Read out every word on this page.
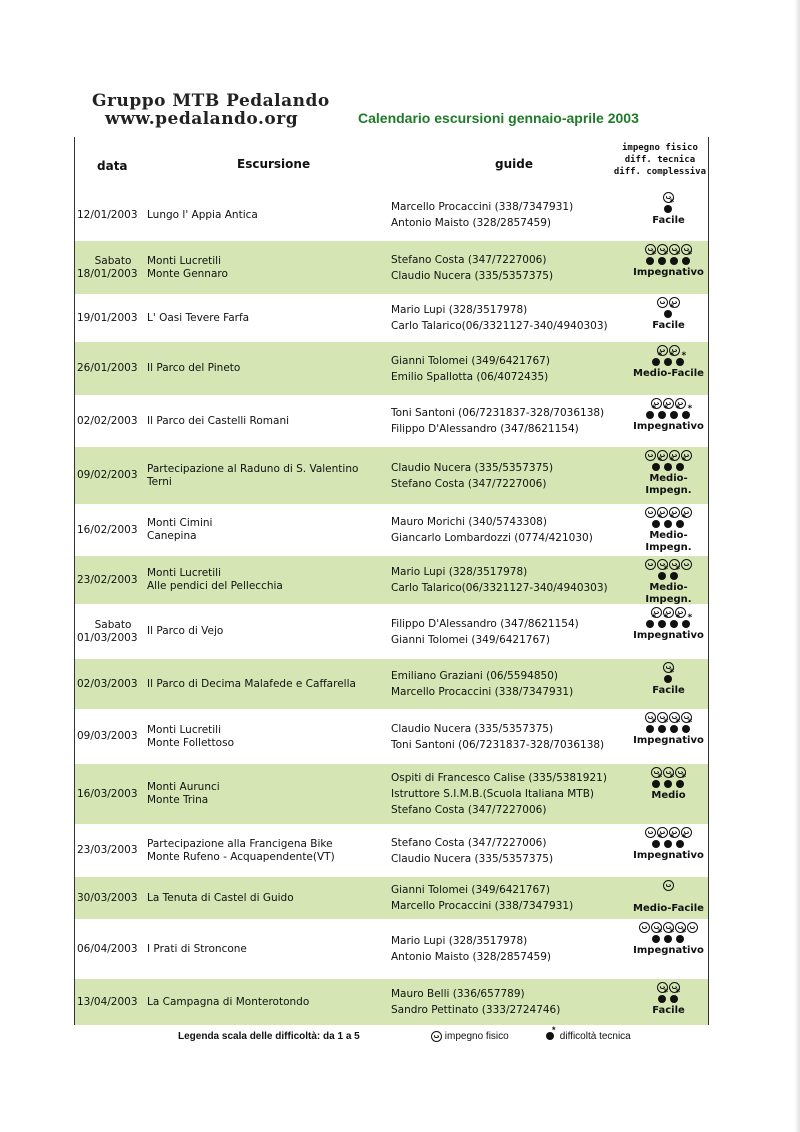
Gruppo MTB Pedalando
www.pedalando.org	Calendario escursioni gennaio-aprile 2003
data	Escursione	guide
impegno fisico
diff. tecnica
diff. complessiva
12/01/2003 Lungo l' Appia Antica
Marcello Procaccini (338/7347931)
Antonio Maisto (328/2857459)
*	Facile
Sabato
18/01/2003
Monti Lucretili
Monte Gennaro
Stefano Costa (347/7227006)
Claudio Nucera (335/5357375)
*
*
*
*	Impegnativo
19/01/2003 L' Oasi Tevere Farfa
Mario Lupi (328/3517978)
Carlo Talarico(06/3321127-340/4940303)
*	Facile
26/01/2003 Il Parco del Pineto
Gianni Tolomei (349/6421767)
Emilio Spallotta (06/4072435)
*
*
*	Medio-Facile
02/02/2003 Il Parco dei Castelli Romani
Toni Santoni (06/7231837-328/7036138)
Filippo D'Alessandro (347/8621154)
*
*
*
*	Impegnativo
09/02/2003
Partecipazione al Raduno di S. Valentino
Terni
Claudio Nucera (335/5357375)
Stefano Costa (347/7227006)
*
*
*	Medio-Impegn.
16/02/2003
Monti Cimini
Canepina
Mauro Morichi (340/5743308)
Giancarlo Lombardozzi (0774/421030)
*
*
*	Medio-Impegn.
23/02/2003
Monti Lucretili
Alle pendici del Pellecchia
Mario Lupi (328/3517978)
Carlo Talarico(06/3321127-340/4940303)
*
*	Medio-Impegn.
Sabato
01/03/2003
Il Parco di Vejo
Filippo D'Alessandro (347/8621154)
Gianni Tolomei (349/6421767)
*
*
*
*	Impegnativo
02/03/2003 Il Parco di Decima Malafede e Caffarella
Emiliano Graziani (06/5594850)
Marcello Procaccini (338/7347931)
*	Facile
09/03/2003
Monti Lucretili
Monte Follettoso
Claudio Nucera (335/5357375)
Toni Santoni (06/7231837-328/7036138)
*
*
*
*	Impegnativo
16/03/2003
Monti Aurunci
Monte Trina
Ospiti di Francesco Calise (335/5381921)
Istruttore S.I.M.B.(Scuola Italiana MTB)
Stefano Costa (347/7227006)
*
*
*
Medio
23/03/2003
Partecipazione alla Francigena Bike
Monte Rufeno - Acquapendente(VT)
Stefano Costa (347/7227006)
Claudio Nucera (335/5357375)
*
*
*	Impegnativo
30/03/2003 La Tenuta di Castel di Guido
Gianni Tolomei (349/6421767)
Marcello Procaccini (338/7347931)	Medio-Facile
06/04/2003 I Prati di Stroncone
Mario Lupi (328/3517978)
Antonio Maisto (328/2857459)
*
*
*
Impegnativo
13/04/2003 La Campagna di Monterotondo
Mauro Belli (336/657789)
Sandro Pettinato (333/2724746)
*
*	Facile
Legenda scala delle difficoltà: da 1 a 5	impegno fisico
*	difficoltà tecnica
